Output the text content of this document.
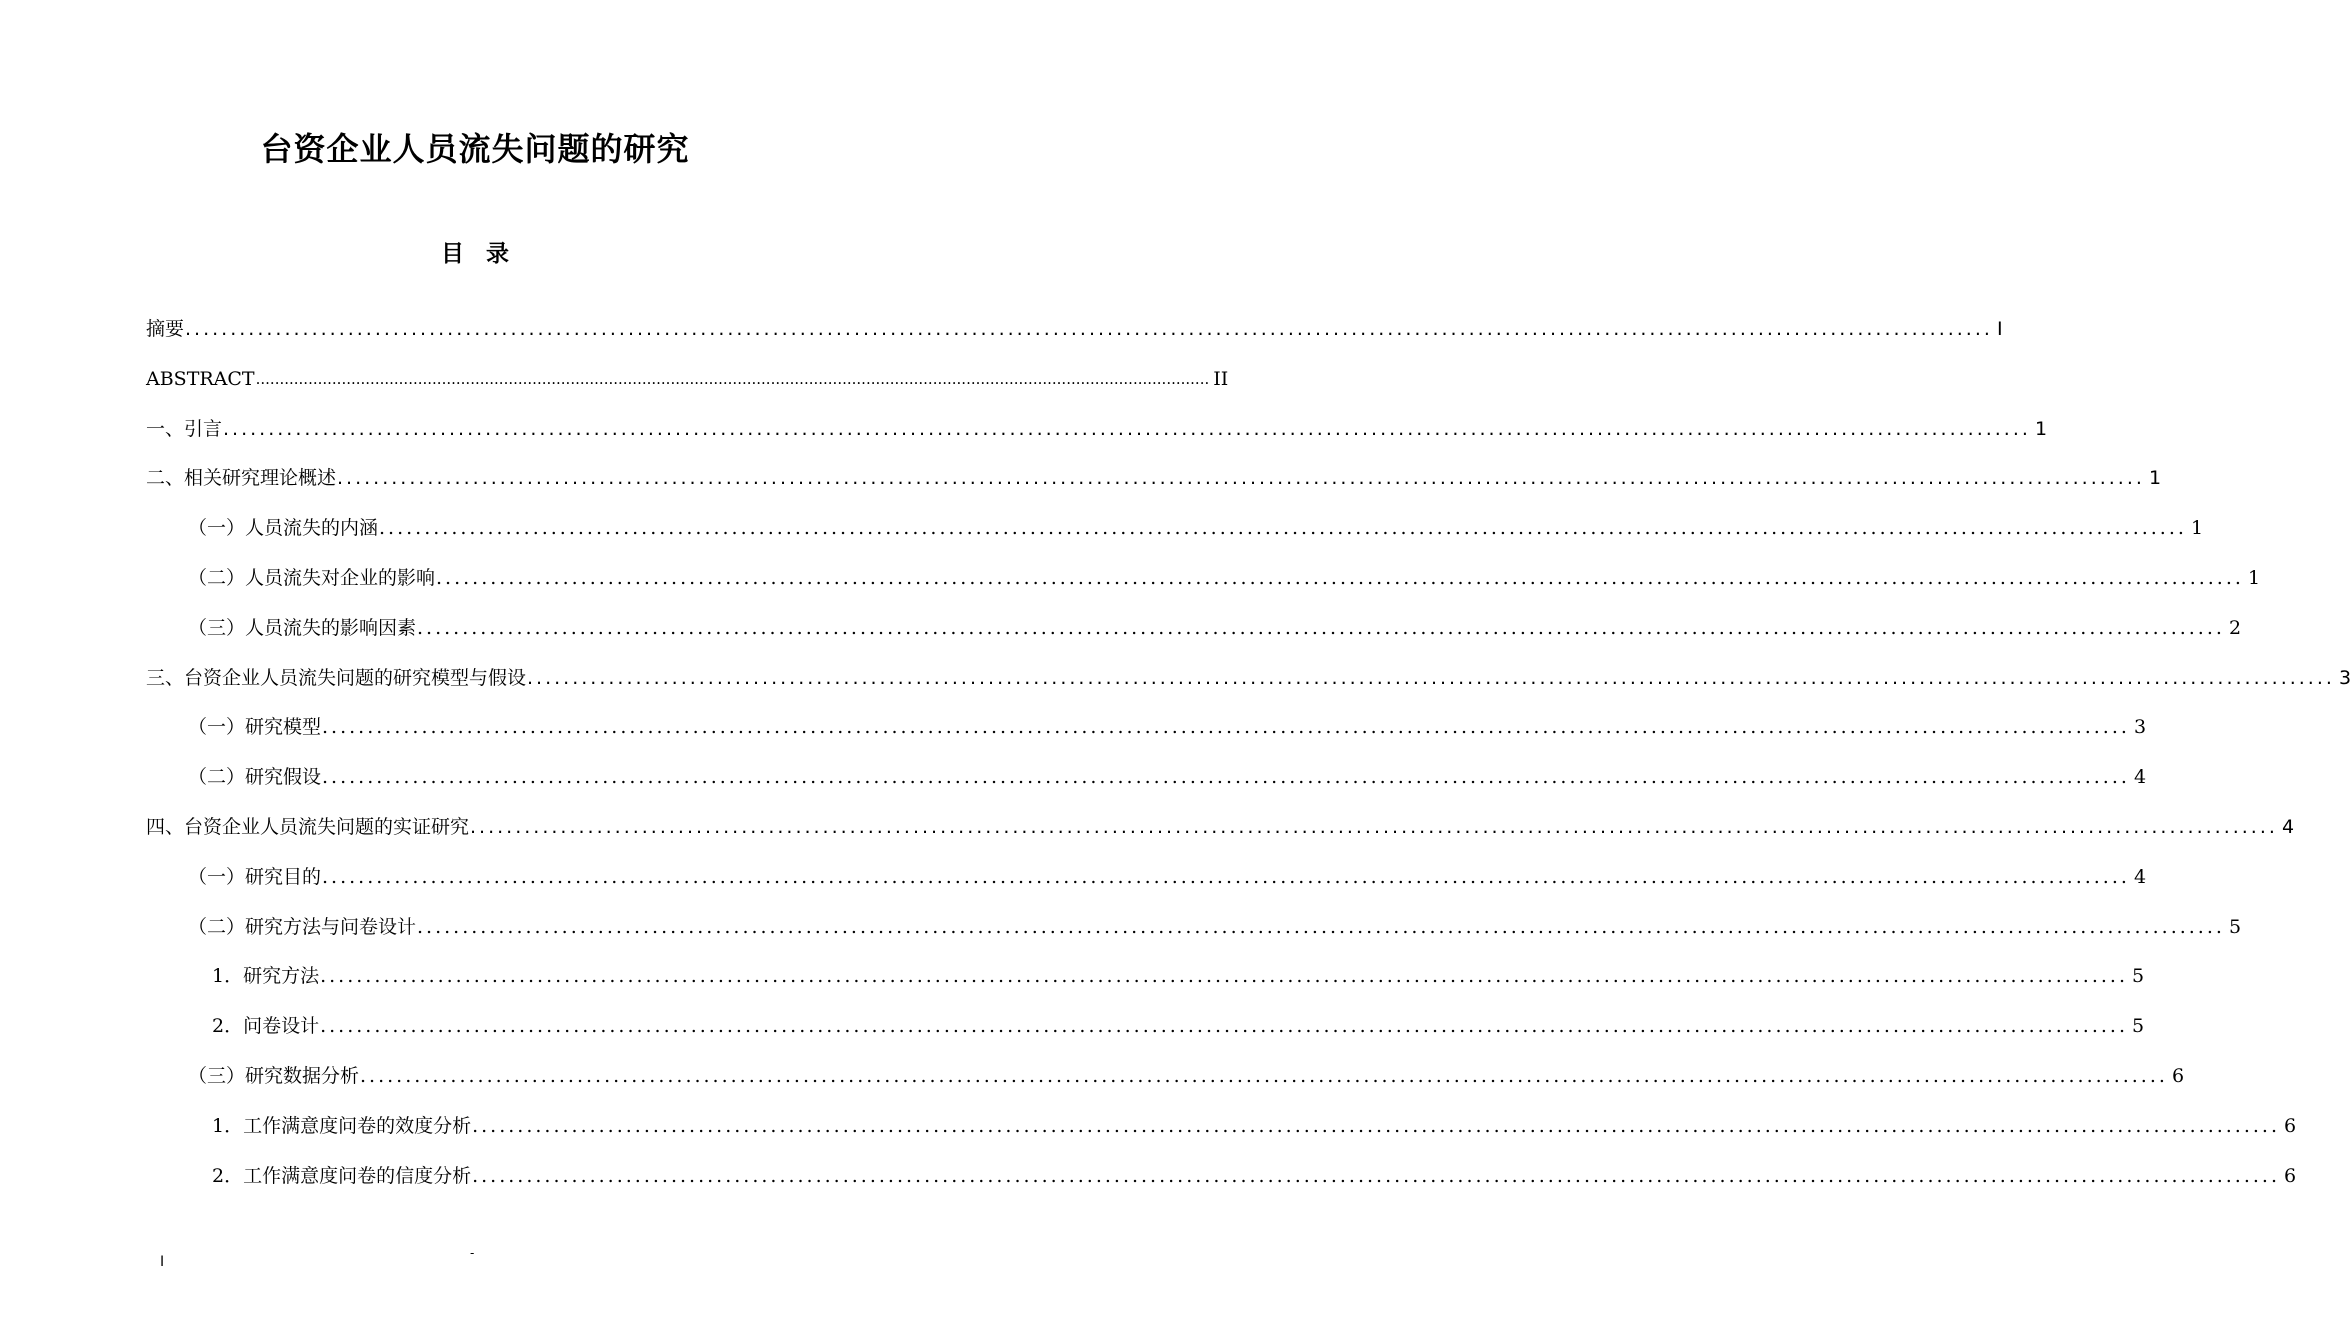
台资企业人员流失问题的研究
目录
摘要 ........................................................................................................................................................................................................ I
ABSTRACT ........................................................................................................................................................................................................ II
一、引言 ........................................................................................................................................................................................................ 1
二、相关研究理论概述 ........................................................................................................................................................................................................ 1
（一）人员流失的内涵 ........................................................................................................................................................................................................ 1
（二）人员流失对企业的影响 ........................................................................................................................................................................................................ 1
（三）人员流失的影响因素 ........................................................................................................................................................................................................ 2
三、台资企业人员流失问题的研究模型与假设 ........................................................................................................................................................................................................ 3
（一）研究模型 ........................................................................................................................................................................................................ 3
（二）研究假设 ........................................................................................................................................................................................................ 4
四、台资企业人员流失问题的实证研究 ........................................................................................................................................................................................................ 4
（一）研究目的 ........................................................................................................................................................................................................ 4
（二）研究方法与问卷设计 ........................................................................................................................................................................................................ 5
1．研究方法 ........................................................................................................................................................................................................ 5
2．问卷设计 ........................................................................................................................................................................................................ 5
（三）研究数据分析 ........................................................................................................................................................................................................ 6
1．工作满意度问卷的效度分析 ........................................................................................................................................................................................................ 6
2．工作满意度问卷的信度分析 ........................................................................................................................................................................................................ 6
I
-
